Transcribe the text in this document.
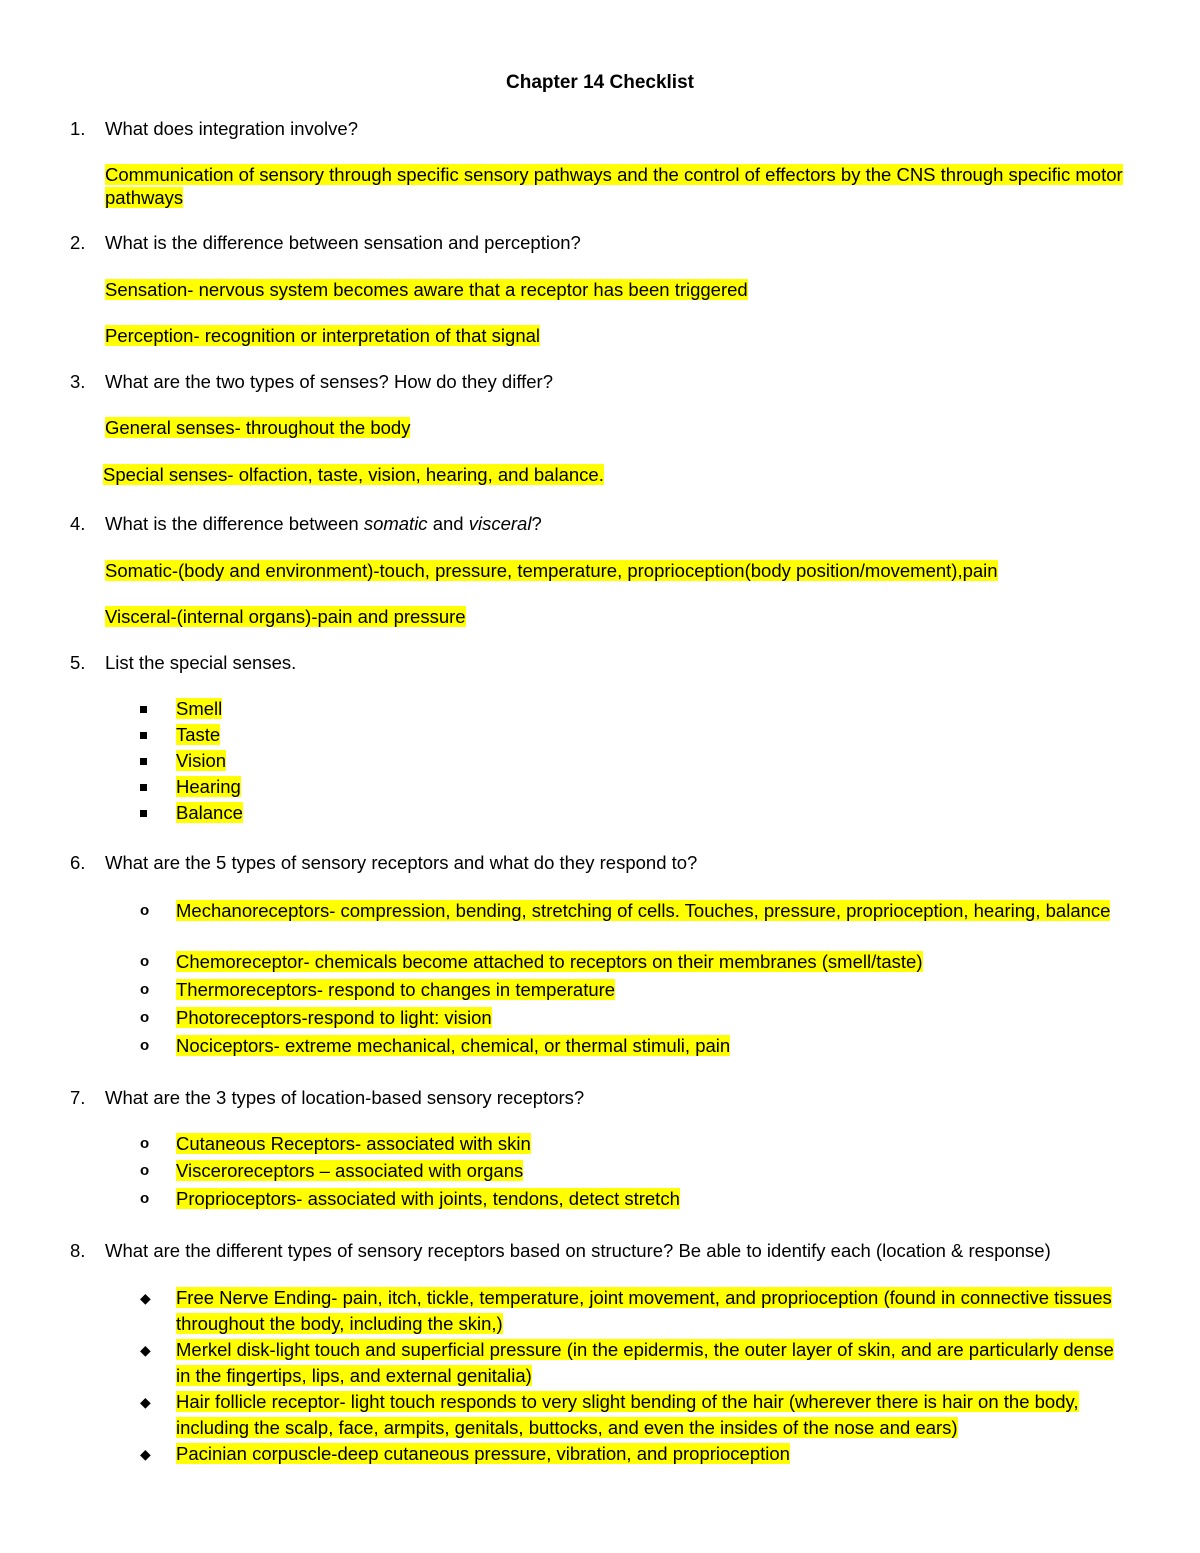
Chapter 14 Checklist
1. What does integration involve?
Communication of sensory through specific sensory pathways and the control of effectors by the CNS through specific motor pathways
2. What is the difference between sensation and perception?
Sensation- nervous system becomes aware that a receptor has been triggered
Perception- recognition or interpretation of that signal
3. What are the two types of senses? How do they differ?
General senses- throughout the body
Special senses- olfaction, taste, vision, hearing, and balance.
4. What is the difference between somatic and visceral?
Somatic-(body and environment)-touch, pressure, temperature, proprioception(body position/movement),pain
Visceral-(internal organs)-pain and pressure
5. List the special senses.
Smell
Taste
Vision
Hearing
Balance
6. What are the 5 types of sensory receptors and what do they respond to?
o	Mechanoreceptors- compression, bending, stretching of cells. Touches, pressure, proprioception, hearing, balance
o	Chemoreceptor- chemicals become attached to receptors on their membranes (smell/taste)
o	Thermoreceptors- respond to changes in temperature
o	Photoreceptors-respond to light: vision
o	Nociceptors- extreme mechanical, chemical, or thermal stimuli, pain
7. What are the 3 types of location-based sensory receptors?
o	Cutaneous Receptors- associated with skin
o	Visceroreceptors – associated with organs
o	Proprioceptors- associated with joints, tendons, detect stretch
8. What are the different types of sensory receptors based on structure? Be able to identify each (location & response)
◆	Free Nerve Ending- pain, itch, tickle, temperature, joint movement, and proprioception (found in connective tissues throughout the body, including the skin,)
◆	Merkel disk-light touch and superficial pressure (in the epidermis, the outer layer of skin, and are particularly dense in the fingertips, lips, and external genitalia)
◆	Hair follicle receptor- light touch responds to very slight bending of the hair (wherever there is hair on the body, including the scalp, face, armpits, genitals, buttocks, and even the insides of the nose and ears)
◆	Pacinian corpuscle-deep cutaneous pressure, vibration, and proprioception
